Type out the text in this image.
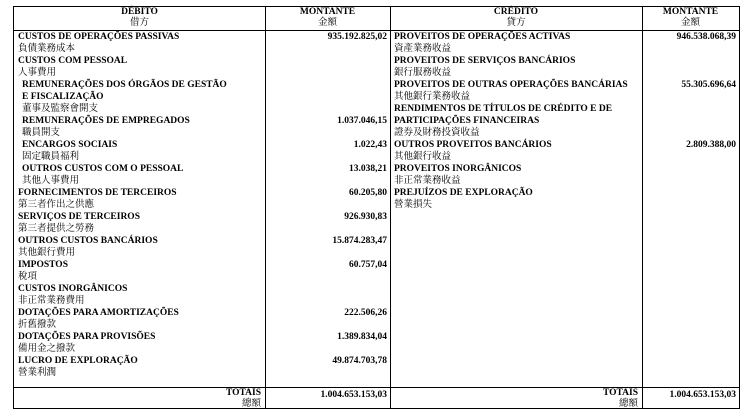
DÉBITO
借方
MONTANTE
金額
CRÉDITO
貸方
MONTANTE
金額
CUSTOS DE OPERAÇÕES PASSIVAS
負債業務成本
CUSTOS COM PESSOAL
人事費用
REMUNERAÇÕES DOS ÓRGÃOS DE GESTÃO
E FISCALIZAÇÃO
董事及監察會開支
REMUNERAÇÕES DE EMPREGADOS
職員開支
ENCARGOS SOCIAIS
固定職員福利
OUTROS CUSTOS COM O PESSOAL
其他人事費用
FORNECIMENTOS DE TERCEIROS
第三者作出之供應
SERVIÇOS DE TERCEIROS
第三者提供之勞務
OUTROS CUSTOS BANCÁRIOS
其他銀行費用
IMPOSTOS
稅項
CUSTOS INORGÂNICOS
非正常業務費用
DOTAÇÕES PARA AMORTIZAÇÕES
折舊撥款
DOTAÇÕES PARA PROVISÕES
備用金之撥款
LUCRO DE EXPLORAÇÃO
營業利潤
935.192.825,02
1.037.046,15
1.022,43
13.038,21
60.205,80
926.930,83
15.874.283,47
60.757,04
222.506,26
1.389.834,04
49.874.703,78
1.004.653.153,03
PROVEITOS DE OPERAÇÕES ACTIVAS
資產業務收益
PROVEITOS DE SERVIÇOS BANCÁRIOS
銀行服務收益
PROVEITOS DE OUTRAS OPERAÇÕES BANCÁRIAS
其他銀行業務收益
RENDIMENTOS DE TÍTULOS DE CRÉDITO E DE
PARTICIPAÇÕES FINANCEIRAS
證券及財務投資收益
OUTROS PROVEITOS BANCÁRIOS
其他銀行收益
PROVEITOS INORGÂNICOS
非正常業務收益
PREJUÍZOS DE EXPLORAÇÃO
營業損失
946.538.068,39
55.305.696,64
2.809.388,00
1.004.653.153,03
TOTAIS
總額
TOTAIS
總額
